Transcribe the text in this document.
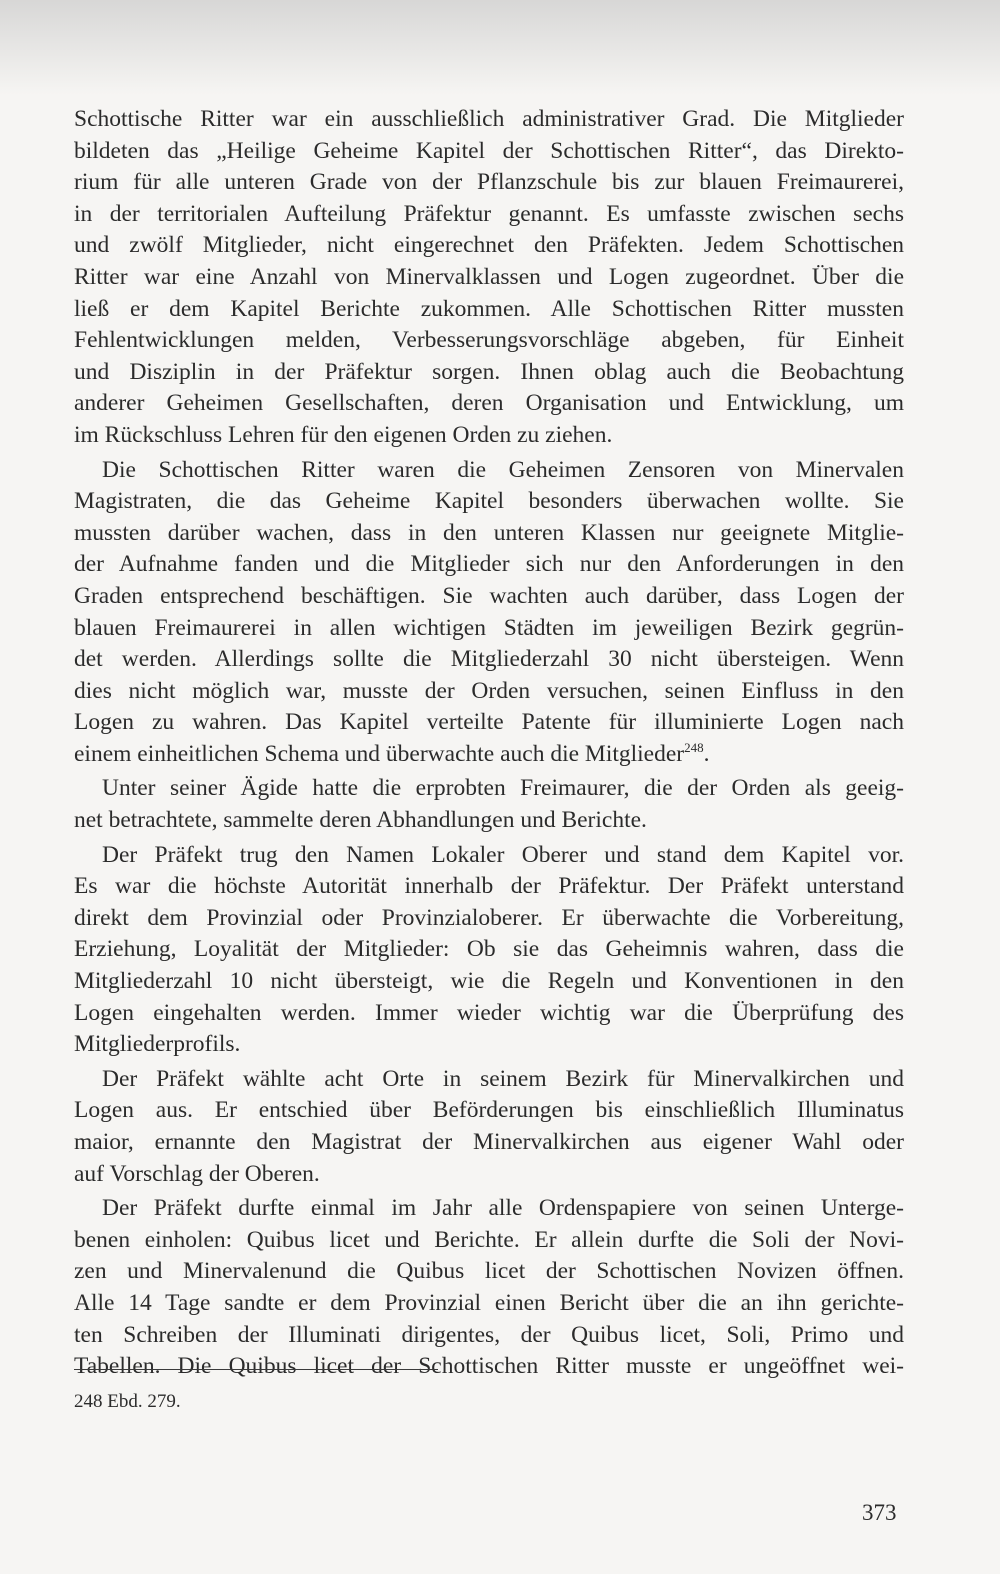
Schottische Ritter war ein ausschließlich administrativer Grad. Die Mitglieder
bildeten das „Heilige Geheime Kapitel der Schottischen Ritter“, das Direkto-
rium für alle unteren Grade von der Pflanzschule bis zur blauen Freimaurerei,
in der territorialen Aufteilung Präfektur genannt. Es umfasste zwischen sechs
und zwölf Mitglieder, nicht eingerechnet den Präfekten. Jedem Schottischen
Ritter war eine Anzahl von Minervalklassen und Logen zugeordnet. Über die
ließ er dem Kapitel Berichte zukommen. Alle Schottischen Ritter mussten
Fehlentwicklungen melden, Verbesserungsvorschläge abgeben, für Einheit
und Disziplin in der Präfektur sorgen. Ihnen oblag auch die Beobachtung
anderer Geheimen Gesellschaften, deren Organisation und Entwicklung, um
im Rückschluss Lehren für den eigenen Orden zu ziehen.
Die Schottischen Ritter waren die Geheimen Zensoren von Minervalen
Magistraten, die das Geheime Kapitel besonders überwachen wollte. Sie
mussten darüber wachen, dass in den unteren Klassen nur geeignete Mitglie-
der Aufnahme fanden und die Mitglieder sich nur den Anforderungen in den
Graden entsprechend beschäftigen. Sie wachten auch darüber, dass Logen der
blauen Freimaurerei in allen wichtigen Städten im jeweiligen Bezirk gegrün-
det werden. Allerdings sollte die Mitgliederzahl 30 nicht übersteigen. Wenn
dies nicht möglich war, musste der Orden versuchen, seinen Einfluss in den
Logen zu wahren. Das Kapitel verteilte Patente für illuminierte Logen nach
einem einheitlichen Schema und überwachte auch die Mitglieder$^{248}$.
Unter seiner Ägide hatte die erprobten Freimaurer, die der Orden als geeig-
net betrachtete, sammelte deren Abhandlungen und Berichte.
Der Präfekt trug den Namen Lokaler Oberer und stand dem Kapitel vor.
Es war die höchste Autorität innerhalb der Präfektur. Der Präfekt unterstand
direkt dem Provinzial oder Provinzialoberer. Er überwachte die Vorbereitung,
Erziehung, Loyalität der Mitglieder: Ob sie das Geheimnis wahren, dass die
Mitgliederzahl 10 nicht übersteigt, wie die Regeln und Konventionen in den
Logen eingehalten werden. Immer wieder wichtig war die Überprüfung des
Mitgliederprofils.
Der Präfekt wählte acht Orte in seinem Bezirk für Minervalkirchen und
Logen aus. Er entschied über Beförderungen bis einschließlich Illuminatus
maior, ernannte den Magistrat der Minervalkirchen aus eigener Wahl oder
auf Vorschlag der Oberen.
Der Präfekt durfte einmal im Jahr alle Ordenspapiere von seinen Unterge-
benen einholen: Quibus licet und Berichte. Er allein durfte die Soli der Novi-
zen und Minervalenund die Quibus licet der Schottischen Novizen öffnen.
Alle 14 Tage sandte er dem Provinzial einen Bericht über die an ihn gerichte-
ten Schreiben der Illuminati dirigentes, der Quibus licet, Soli, Primo und
Tabellen. Die Quibus licet der Schottischen Ritter musste er ungeöffnet wei-
248 Ebd. 279.
373
